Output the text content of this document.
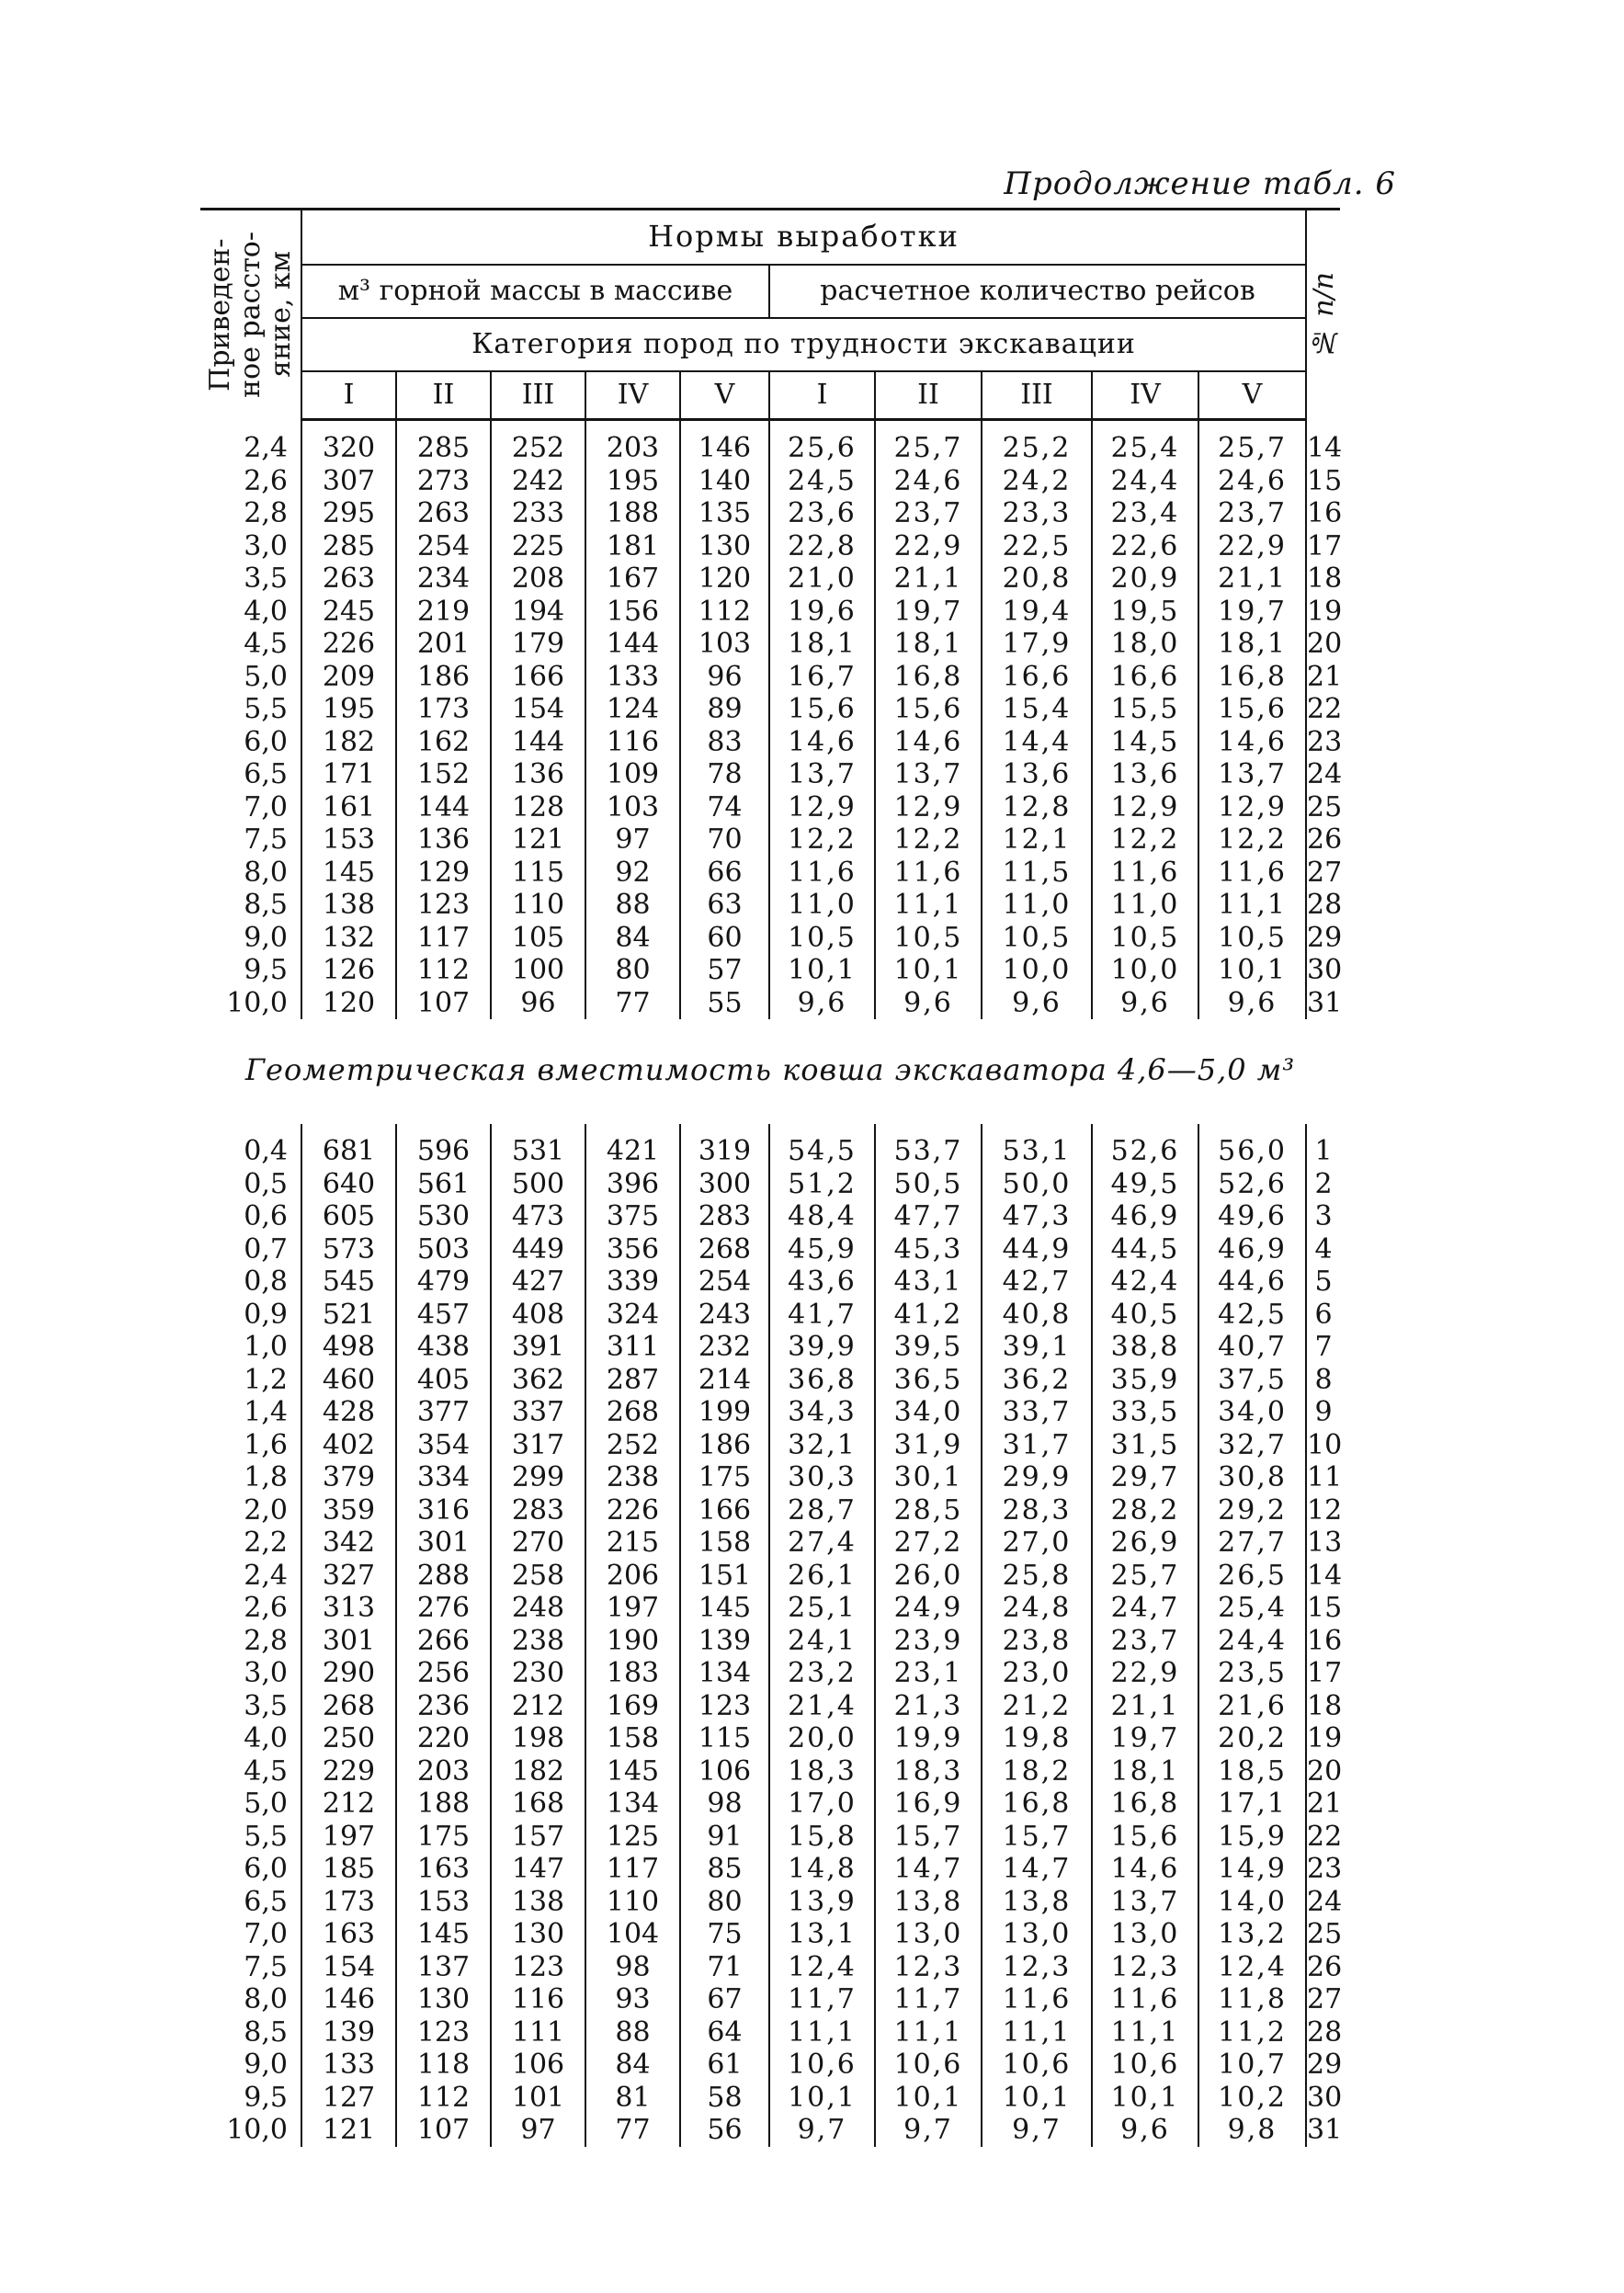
Продолжение табл. 6
Приведен-
ное рассто-
яние, км	Нормы выработки										№ п/п

	м³ горной массы в массиве					расчетное количество рейсов					
	Категория пород по трудности экскавации										
	I	II	III	IV	V	I	II	III	IV	V	

2,4	320	285	252	203	146	25,6	25,7	25,2	25,4	25,7	14
2,6	307	273	242	195	140	24,5	24,6	24,2	24,4	24,6	15
2,8	295	263	233	188	135	23,6	23,7	23,3	23,4	23,7	16
3,0	285	254	225	181	130	22,8	22,9	22,5	22,6	22,9	17
3,5	263	234	208	167	120	21,0	21,1	20,8	20,9	21,1	18
4,0	245	219	194	156	112	19,6	19,7	19,4	19,5	19,7	19
4,5	226	201	179	144	103	18,1	18,1	17,9	18,0	18,1	20
5,0	209	186	166	133	96	16,7	16,8	16,6	16,6	16,8	21
5,5	195	173	154	124	89	15,6	15,6	15,4	15,5	15,6	22
6,0	182	162	144	116	83	14,6	14,6	14,4	14,5	14,6	23
6,5	171	152	136	109	78	13,7	13,7	13,6	13,6	13,7	24
7,0	161	144	128	103	74	12,9	12,9	12,8	12,9	12,9	25
7,5	153	136	121	97	70	12,2	12,2	12,1	12,2	12,2	26
8,0	145	129	115	92	66	11,6	11,6	11,5	11,6	11,6	27
8,5	138	123	110	88	63	11,0	11,1	11,0	11,0	11,1	28
9,0	132	117	105	84	60	10,5	10,5	10,5	10,5	10,5	29
9,5	126	112	100	80	57	10,1	10,1	10,0	10,0	10,1	30
10,0	120	107	96	77	55	9,6	9,6	9,6	9,6	9,6	31

Геометрическая вместимость ковша экскаватора 4,6—5,0 м³											

0,4	681	596	531	421	319	54,5	53,7	53,1	52,6	56,0	1
0,5	640	561	500	396	300	51,2	50,5	50,0	49,5	52,6	2
0,6	605	530	473	375	283	48,4	47,7	47,3	46,9	49,6	3
0,7	573	503	449	356	268	45,9	45,3	44,9	44,5	46,9	4
0,8	545	479	427	339	254	43,6	43,1	42,7	42,4	44,6	5
0,9	521	457	408	324	243	41,7	41,2	40,8	40,5	42,5	6
1,0	498	438	391	311	232	39,9	39,5	39,1	38,8	40,7	7
1,2	460	405	362	287	214	36,8	36,5	36,2	35,9	37,5	8
1,4	428	377	337	268	199	34,3	34,0	33,7	33,5	34,0	9
1,6	402	354	317	252	186	32,1	31,9	31,7	31,5	32,7	10
1,8	379	334	299	238	175	30,3	30,1	29,9	29,7	30,8	11
2,0	359	316	283	226	166	28,7	28,5	28,3	28,2	29,2	12
2,2	342	301	270	215	158	27,4	27,2	27,0	26,9	27,7	13
2,4	327	288	258	206	151	26,1	26,0	25,8	25,7	26,5	14
2,6	313	276	248	197	145	25,1	24,9	24,8	24,7	25,4	15
2,8	301	266	238	190	139	24,1	23,9	23,8	23,7	24,4	16
3,0	290	256	230	183	134	23,2	23,1	23,0	22,9	23,5	17
3,5	268	236	212	169	123	21,4	21,3	21,2	21,1	21,6	18
4,0	250	220	198	158	115	20,0	19,9	19,8	19,7	20,2	19
4,5	229	203	182	145	106	18,3	18,3	18,2	18,1	18,5	20
5,0	212	188	168	134	98	17,0	16,9	16,8	16,8	17,1	21
5,5	197	175	157	125	91	15,8	15,7	15,7	15,6	15,9	22
6,0	185	163	147	117	85	14,8	14,7	14,7	14,6	14,9	23
6,5	173	153	138	110	80	13,9	13,8	13,8	13,7	14,0	24
7,0	163	145	130	104	75	13,1	13,0	13,0	13,0	13,2	25
7,5	154	137	123	98	71	12,4	12,3	12,3	12,3	12,4	26
8,0	146	130	116	93	67	11,7	11,7	11,6	11,6	11,8	27
8,5	139	123	111	88	64	11,1	11,1	11,1	11,1	11,2	28
9,0	133	118	106	84	61	10,6	10,6	10,6	10,6	10,7	29
9,5	127	112	101	81	58	10,1	10,1	10,1	10,1	10,2	30
10,0	121	107	97	77	56	9,7	9,7	9,7	9,6	9,8	31
